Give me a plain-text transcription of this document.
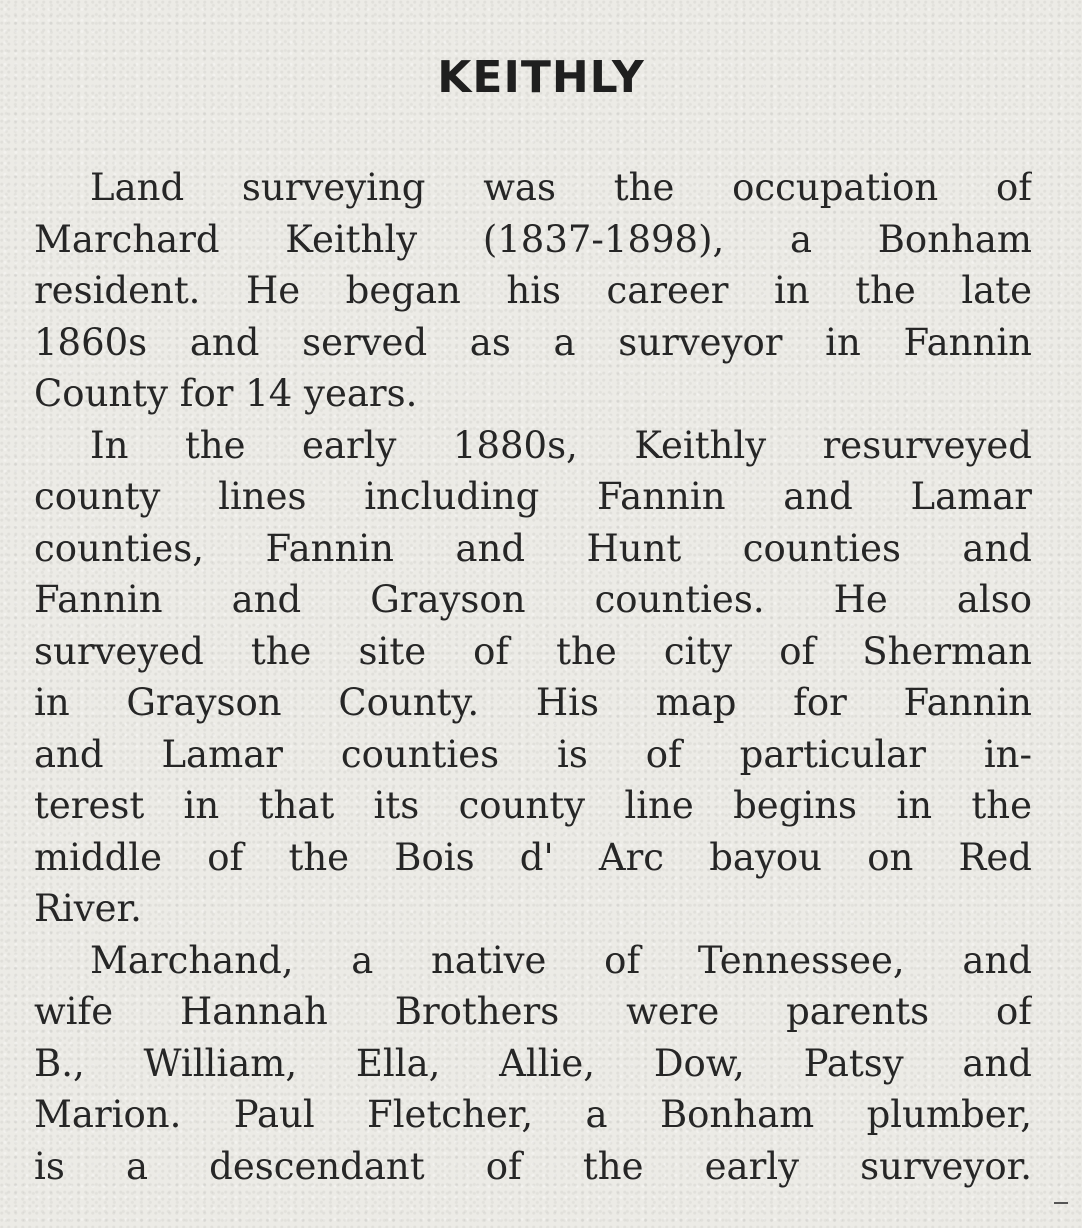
KEITHLY
Land surveying was the occupation of
Marchard Keithly (1837-1898), a Bonham
resident. He began his career in the late
1860s and served as a surveyor in Fannin
County for 14 years.
In the early 1880s, Keithly resurveyed
county lines including Fannin and Lamar
counties, Fannin and Hunt counties and
Fannin and Grayson counties. He also
surveyed the site of the city of Sherman
in Grayson County. His map for Fannin
and Lamar counties is of particular in-
terest in that its county line begins in the
middle of the Bois d' Arc bayou on Red
River.
Marchand, a native of Tennessee, and
wife Hannah Brothers were parents of
B., William, Ella, Allie, Dow, Patsy and
Marion. Paul Fletcher, a Bonham plumber,
is a descendant of the early surveyor.
